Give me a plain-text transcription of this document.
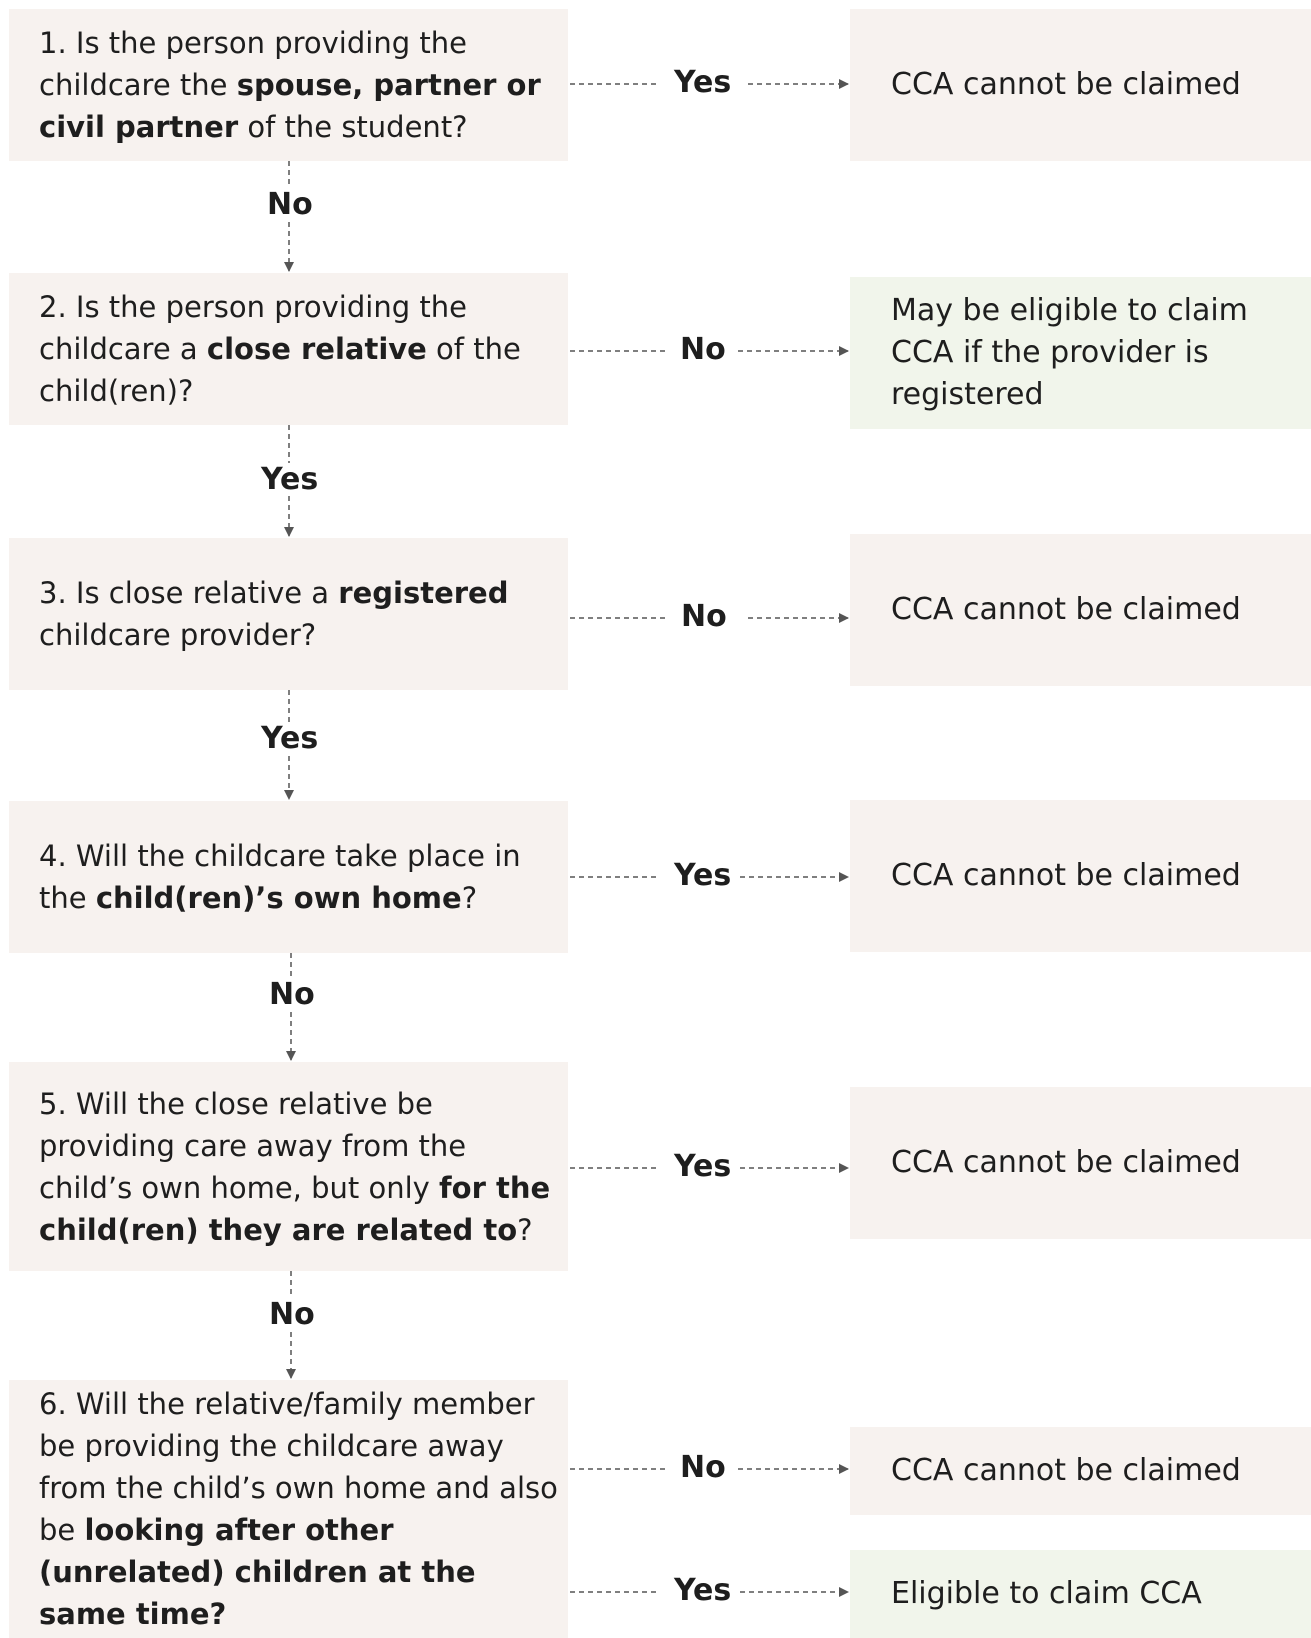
1. Is the person providing the childcare the spouse, partner or civil partner of the student?

2. Is the person providing the childcare a close relative of the child(ren)?

3. Is close relative a registered childcare provider?

4. Will the childcare take place in the child(ren)’s own home?

5. Will the close relative be providing care away from the child’s own home, but only for the child(ren) they are related to?

6. Will the relative/family member be providing the childcare away from the child’s own home and also be looking after other (unrelated) children at the same time?

CCA cannot be claimed
May be eligible to claim CCA if the provider is registered
CCA cannot be claimed
CCA cannot be claimed
CCA cannot be claimed
CCA cannot be claimed
Eligible to claim CCA
Yes
No
No
Yes
Yes
No
Yes
No
Yes
Yes
No
No
